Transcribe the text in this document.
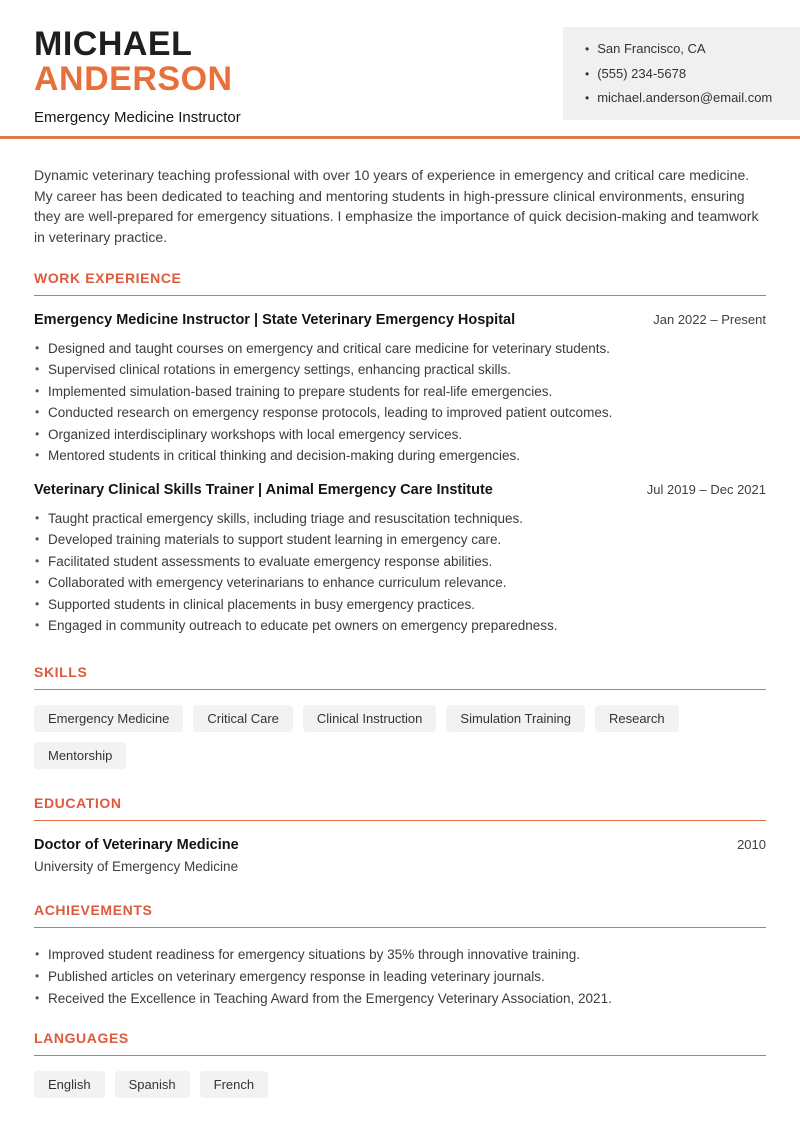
MICHAEL
ANDERSON
Emergency Medicine Instructor
• San Francisco, CA
• (555) 234-5678
• michael.anderson@email.com

Dynamic veterinary teaching professional with over 10 years of experience in emergency and critical care medicine. My career has been dedicated to teaching and mentoring students in high-pressure clinical environments, ensuring they are well-prepared for emergency situations. I emphasize the importance of quick decision-making and teamwork in veterinary practice.

WORK EXPERIENCE
Emergency Medicine Instructor | State Veterinary Emergency Hospital	Jan 2022 – Present
• Designed and taught courses on emergency and critical care medicine for veterinary students.
• Supervised clinical rotations in emergency settings, enhancing practical skills.
• Implemented simulation-based training to prepare students for real-life emergencies.
• Conducted research on emergency response protocols, leading to improved patient outcomes.
• Organized interdisciplinary workshops with local emergency services.
• Mentored students in critical thinking and decision-making during emergencies.
Veterinary Clinical Skills Trainer | Animal Emergency Care Institute	Jul 2019 – Dec 2021
• Taught practical emergency skills, including triage and resuscitation techniques.
• Developed training materials to support student learning in emergency care.
• Facilitated student assessments to evaluate emergency response abilities.
• Collaborated with emergency veterinarians to enhance curriculum relevance.
• Supported students in clinical placements in busy emergency practices.
• Engaged in community outreach to educate pet owners on emergency preparedness.
SKILLS
Emergency Medicine	Critical Care	Clinical Instruction	Simulation Training	Research
Mentorship
EDUCATION
Doctor of Veterinary Medicine	2010
University of Emergency Medicine
ACHIEVEMENTS
• Improved student readiness for emergency situations by 35% through innovative training.
• Published articles on veterinary emergency response in leading veterinary journals.
• Received the Excellence in Teaching Award from the Emergency Veterinary Association, 2021.
LANGUAGES
English	Spanish	French
